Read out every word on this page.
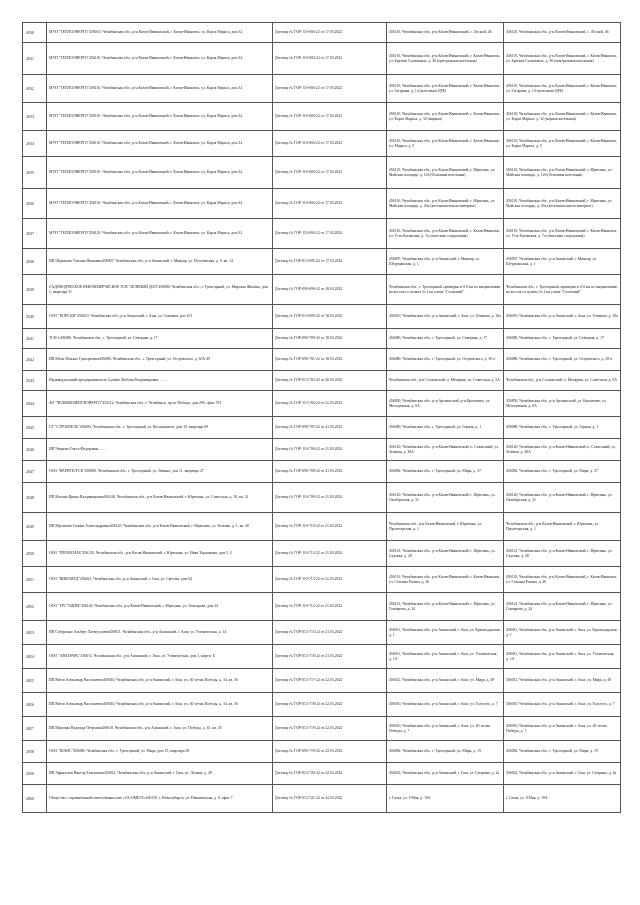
2030	МУП "ТЕПЛОЭНЕРГО"456010, Челябинская обл., р-н Катав-Ивановский, г. Катав-Ивановск, ул. Карла Маркса, дом 32	Договор № ГОР-110-694-22 от 17.03.2022	456110, Челябинская обл., р-н Катав-Ивановский, с. Лесной, 46	456110, Челябинская обл., р-н Катав-Ивановский, с. Лесной, 46
2031	МУП "ТЕПЛОЭНЕРГО"456110, Челябинская обл., р-н Катав-Ивановский, г. Катав-Ивановск, ул. Карла Маркса, дом 32	Договор № ГОР-110-694-22 от 17.03.2022	456110, Челябинская обл., р-н Катав-Ивановский, г. Катав-Ивановск, ул. Братьев Сулимовых, д. 36 (центральная котельная)	456110, Челябинская обл., р-н Катав-Ивановский, г. Катав-Ивановск, ул. Братьев Сулимовых, д. 36 (центральная котельная)
2032	МУП "ТЕПЛОЭНЕРГО"456110, Челябинская обл., р-н Катав-Ивановский, г. Катав-Ивановск, ул. Карла Маркса, дом 32	Договор № ГОР-110-694-22 от 17.03.2022	456110, Челябинская обл., р-н Катав-Ивановский, г. Катав-Ивановск, ул. Гагарина, д. 14 (котельная ЦРБ)	456110, Челябинская обл., р-н Катав-Ивановский, г. Катав-Ивановск, ул. Гагарина, д. 14 (котельная ЦРБ)
2033	МУП "ТЕПЛОЭНЕРГО"456110, Челябинская обл., р-н Катав-Ивановский, г. Катав-Ивановск, ул. Карла Маркса, дом 32	Договор № ГОР-110-694-22 от 17.03.2022	456110, Челябинская обл., р-н Катав-Ивановский, г. Катав-Ивановск, ул. Карла Маркса, д. 32 (мирная)	456110, Челябинская обл., р-н Катав-Ивановский, г. Катав-Ивановск, ул. Карла Маркса, д. 32 (мирная котельная)
2034	МУП "ТЕПЛОЭНЕРГО"456110, Челябинская обл., р-н Катав-Ивановский, г. Катав-Ивановск, ул. Карла Маркса, дом 32	Договор № ГОР-110-694-22 от 17.03.2022	456110, Челябинская обл., р-н Катав-Ивановский, г. Катав-Ивановск, ул. Маркса, д. 5	456110, Челябинская обл., р-н Катав-Ивановский, г. Катав-Ивановск, ул. Карла Маркса, д. 5
2035	МУП "ТЕПЛОЭНЕРГО"456110, Челябинская обл., р-н Катав-Ивановский, г. Катав-Ивановск, ул. Карла Маркса, дом 32	Договор № ГОР-110-694-22 от 17.03.2022	456110, Челябинская обл., р-н Катав-Ивановский, г. Юрюзань, ул. Майская площадь, д. 126 (Основная котельная)	456110, Челябинская обл., р-н Катав-Ивановский, г. Юрюзань, ул. Майская площадь, д. 126 (Основная котельная)
2036	МУП "ТЕПЛОЭНЕРГО"456110, Челябинская обл., р-н Катав-Ивановский, г. Катав-Ивановск, ул. Карла Маркса, дом 32	Договор № ГОР-110-694-22 от 17.03.2022	456110, Челябинская обл., р-н Катав-Ивановский, г. Юрюзань, ул. Майская площадь, д. 2бк (котельная школа-интернат)	456110, Челябинская обл., р-н Катав-Ивановский, г. Юрюзань, ул. Майская площадь, д. 2бк (котельная школа-интернат)
2037	МУП "ТЕПЛОЭНЕРГО"456110, Челябинская обл., р-н Катав-Ивановский, г. Катав-Ивановск, ул. Карла Маркса, дом 32	Договор № ГОР-110-694-22 от 17.03.2022	456110, Челябинская обл., р-н Катав-Ивановский, г. Катав-Ивановск, ул. Усть-Катавская, д. 7а (очистные сооружения)	456110, Челябинская обл., р-н Катав-Ивановский, г. Катав-Ивановск, ул. Усть-Катавская, д. 7а (очистные сооружения)
2038	ИП Шарапова Татьяна Ивановна456007, Челябинская обл., р-н Ашинский, г. Миньяр, ул. Пугачевская, д. 9, кв. 14	Договор № ГОР-013-695-22 от 17.03.2022	456007, Челябинская обл., р-н Ашинский, г. Миньяр, ул. Штурманская, д. 1	456007, Челябинская обл., р-н Ашинский, г. Миньяр, ул. Штурманская, д. 1
2039	САДОВОДЧЕСКОЕ НЕКОММЕРЧЕСКОЕ ТСН "ЗЕЛЕНЫЙ ДОЛ"456080, Челябинская обл., г. Трехгорный, ул. Мирская Жилина, дом 1, квартира 31	Договор № ГОР-090-696-22 от 18.03.2022	Челябинская обл., г. Трехгорный, примерно в 0,8 км по направлению на восток от пункта № 2 на улице "Сосновый"	Челябинская обл., г. Трехгорный, примерно в 0,8 км по направлению на восток от пункта № 2 на улице "Сосновый"
2040	ООО "КОРСАМ"456010, Челябинская обл., р-н Ашинский, г. Аша, ул. Савинки, дом 101	Договор № ГОР-013-699-22 от 18.03.2022	456010, Челябинская обл., р-н Ашинский, г. Аша, ул. Озимова, д. 10а	456010, Челябинская обл., р-н Ашинский, г. Аша, ул. Озимова, д. 10а
2041	ТСН-1456080, Челябинская обл., г. Трехгорный, ул. Северная, д. 17	Договор № ГОР-090-700-22 от 18.03.2022	456080, Челябинская обл., г. Трехгорный, ул. Северная, д. 17	456080, Челябинская обл., г. Трехгорный, ул. Северная, д. 17
2042	ИП Мехи Михаил Григорьевич456080, Челябинская обл., г. Трехгорный, ул. Островского, д. 65А 49	Договор № ГОР-090-701-22 от 18.03.2022	456080, Челябинская обл., г. Трехгорный, ул. Островского, д. 50-а	456080, Челябинская обл., г. Трехгорный, ул. Островского, д. 50-а
2043	Индивидуальный предприниматель Сычёва Любовь Владимировна.........	Договор № ГОР-013-703-22 от 20.03.2022	Челябинская обл., р-н Сосновский, п. Мещеряк, ул. Советская, д. 5А	Челябинская обл., р-н Сосновский, п. Мещеряк, ул. Советская, д. 5А
2044	АО "ЧЕЛЯБКОММУНЭНЕРГО"454112, Челябинская обл., г. Челябинск, пр-кт Победы, дом 290, офис 701	Договор № ГОР-113-704-22 от 21.03.2022	456850, Челябинская обл., р-н Аргаяшский, р-н Кропачево, ул. Молодежная, д. 6А	456850, Челябинская обл., р-н Аргаяшский, ул. Кропачево, ул. Молодежная, д. 6А
2045	СТ "СТРОИТЕЛЬ"456082, Челябинская обл., г. Трехгорный, ул. Космонавтов, дом 10, квартира 69	Договор № ГОР-090-705-22 от 21.03.2022	456080, Челябинская обл., г. Трехгорный, ул. Горная, д. 1	456080, Челябинская обл., г. Трехгорный, ул. Горная, д. 1
2046	ИП Чернова Ольга Фёдоровна.......	Договор № ГОР-110-706-22 от 21.03.2022	456120, Челябинская обл., р-н Катав-Ивановский, п. Совхозный, ул. Зелёная, д. 36А	456120, Челябинская обл., р-н Катав-Ивановский, п. Совхозный, ул. Зелёная, д. 36А
2047	ООО "ВАРИТЕЛ-СК"456080, Челябинская обл., г. Трехгорный, ул. Ленина, дом 11, квартира 47	Договор № ГОР-090-708-22 от 21.03.2022	456082, Челябинская обл., г. Трехгорный, ул. Мира, д. 37	456082, Челябинская обл., г. Трехгорный, ул. Мира, д. 37
2048	ИП Ильина Ирина Владимировна456120, Челябинская обл., р-н Катав-Ивановский, г. Юрюзань, ул. Советская, д. 50, кв. 31	Договор № ГОР-110-709-22 от 21.03.2022	456120, Челябинская обл., р-н Катав-Ивановский, г. Юрюзань, ул. Октябрьская, д. 31	456120, Челябинская обл., р-н Катав-Ивановский, г. Юрюзань, ул. Октябрьская, д. 31
2049	ИП Юрганова Галина Александровна456120, Челябинская обл., р-н Катав-Ивановский, г. Юрюзань, ул. Зелёная, д. 1, кв. 40	Договор № ГОР-110-710-22 от 21.03.2022	Челябинская обл., р-н Катав-Ивановский, г. Юрюзань, ул. Пролетарская, д. 1	Челябинская обл., р-н Катав-Ивановский, г. Юрюзань, ул. Пролетарская, д. 1
2050	ООО "ПРОМСНАБ"456120, Челябинская обл., р-н Катав-Ивановский, г. Юрюзань, ул. Иван Торжинова, дом 5, 3	Договор № ГОР-110-712-22 от 21.03.2022	456121, Челябинская обл., р-н Катав-Ивановский, г. Юрюзань, ул. Садовая, д. 28	456121, Челябинская обл., р-н Катав-Ивановский, г. Юрюзань, ул. Садовая, д. 28
2051	ООО "ВИКОМЕД"456021, Челябинская обл., р-н Ашинский, г. Сим, ул. Светлая, дом 64	Договор № ГОР-110-713-22 от 21.03.2022	456110, Челябинская обл., р-н Катав-Ивановский, г. Катав-Ивановск, ул. Степана Разина, д. 20	456110, Челябинская обл., р-н Катав-Ивановский, г. Катав-Ивановск, ул. Степана Разина, д. 20
2052	ООО "ГРС"ОДИМ"456120, Челябинская обл., р-н Катав-Ивановский, г. Юрюзань, ул. Гончарова, дом 24	Договор № ГОР-110-714-22 от 21.03.2022	456121, Челябинская обл., р-н Катав-Ивановский, г. Юрюзань, ул. Гончарова, д. 24	456121, Челябинская обл., р-н Катав-Ивановский, г. Юрюзань, ул. Гончарова, д. 24
2053	ИП Сабуренко Альберт Хатмуллович456011, Челябинская обл., р-н Ашинский, г. Аша, ул. Ученическая, д. 14	Договор № ГОР-013-715-22 от 21.03.2022	456011, Челябинская обл., р-н Ашинский, г. Аша, ул. Краснодарская, д. 1	456011, Челябинская обл., р-н Ашинский, г. Аша, ул. Краснодарская, д. 1
2054	ООО "АВАТРАНС"456011, Челябинская обл., р-н Ашинский, г. Аша, ул. Ученическая, дом 1, корпус Б	Договор № ГОР-013-716-22 от 21.03.2022	456011, Челябинская обл., р-н Ашинский, г. Аша, ул. Ученическая, д. 1А	456011, Челябинская обл., р-н Ашинский, г. Аша, ул. Ученическая, д. 1А
2055	ИП Рябов Александр Васильевич456010, Челябинская обл., р-н Ашинский, г. Аша, ул. 40-летия Победы, д. 34, кв. 56	Договор № ГОР-013-717-22 от 22.03.2022	456012, Челябинская обл., р-н Ашинский, г. Аша, ул. Мира, д. 49	456012, Челябинская обл., р-н Ашинский, г. Аша, ул. Мира, д. 49
2056	ИП Рябов Александр Васильевич456010, Челябинская обл., р-н Ашинский, г. Аша, ул. 40-летия Победы, д. 34, кв. 56	Договор № ГОР-013-718-22 от 22.03.2022	456010, Челябинская обл., р-н Ашинский, г. Аша, ул. Толстого, д. 7	456010, Челябинская обл., р-н Ашинский, г. Аша, ул. Толстого, д. 7
2057	ИП Юрковая Надежда Петровна456010, Челябинская обл., р-н Ашинский, г. Аша, ул. Победы, д. 35, кв. 35	Договор № ГОР-013-719-22 от 22.03.2022	456010, Челябинская обл., р-н Ашинский, г. Аша, ул. 40-летия Победы, д. 7	456010, Челябинская обл., р-н Ашинский, г. Аша, ул. 40-летия Победы, д. 7
2058	ООО "ШАНС"456080, Челябинская обл., г. Трехгорный, ул. Мира, дом 15, квартира 39	Договор № ГОР-090-719-22 от 22.03.2022	456082, Челябинская обл., г. Трехгорный, ул. Мира, д. 19	456082, Челябинская обл., г. Трехгорный, ул. Мира, д. 19
2059	ИП Афанасьев Виктор Тихонович456021, Челябинская обл., р-н Ашинский, г. Сим, ул. Лучина, д. 49	Договор № ГОР-013-720-22 от 22.03.2022	456022, Челябинская обл., р-н Ашинский, г. Сим, ул. Гагарина, д. 2а	456022, Челябинская обл., р-н Ашинский, г. Сим, ул. Гагарина, д. 2а
2060	Общество с ограниченной ответственностью «СБ-ОМЕГА»630129, г. Новосибирск, ул. Никитинская, д. 8, офис 7	Договор № ГОР-013-721-22 от 22.03.2022	г. Сатка, ул. 9 Мая, д. 10А	г. Сатка, ул. 9 Мая, д. 10А
